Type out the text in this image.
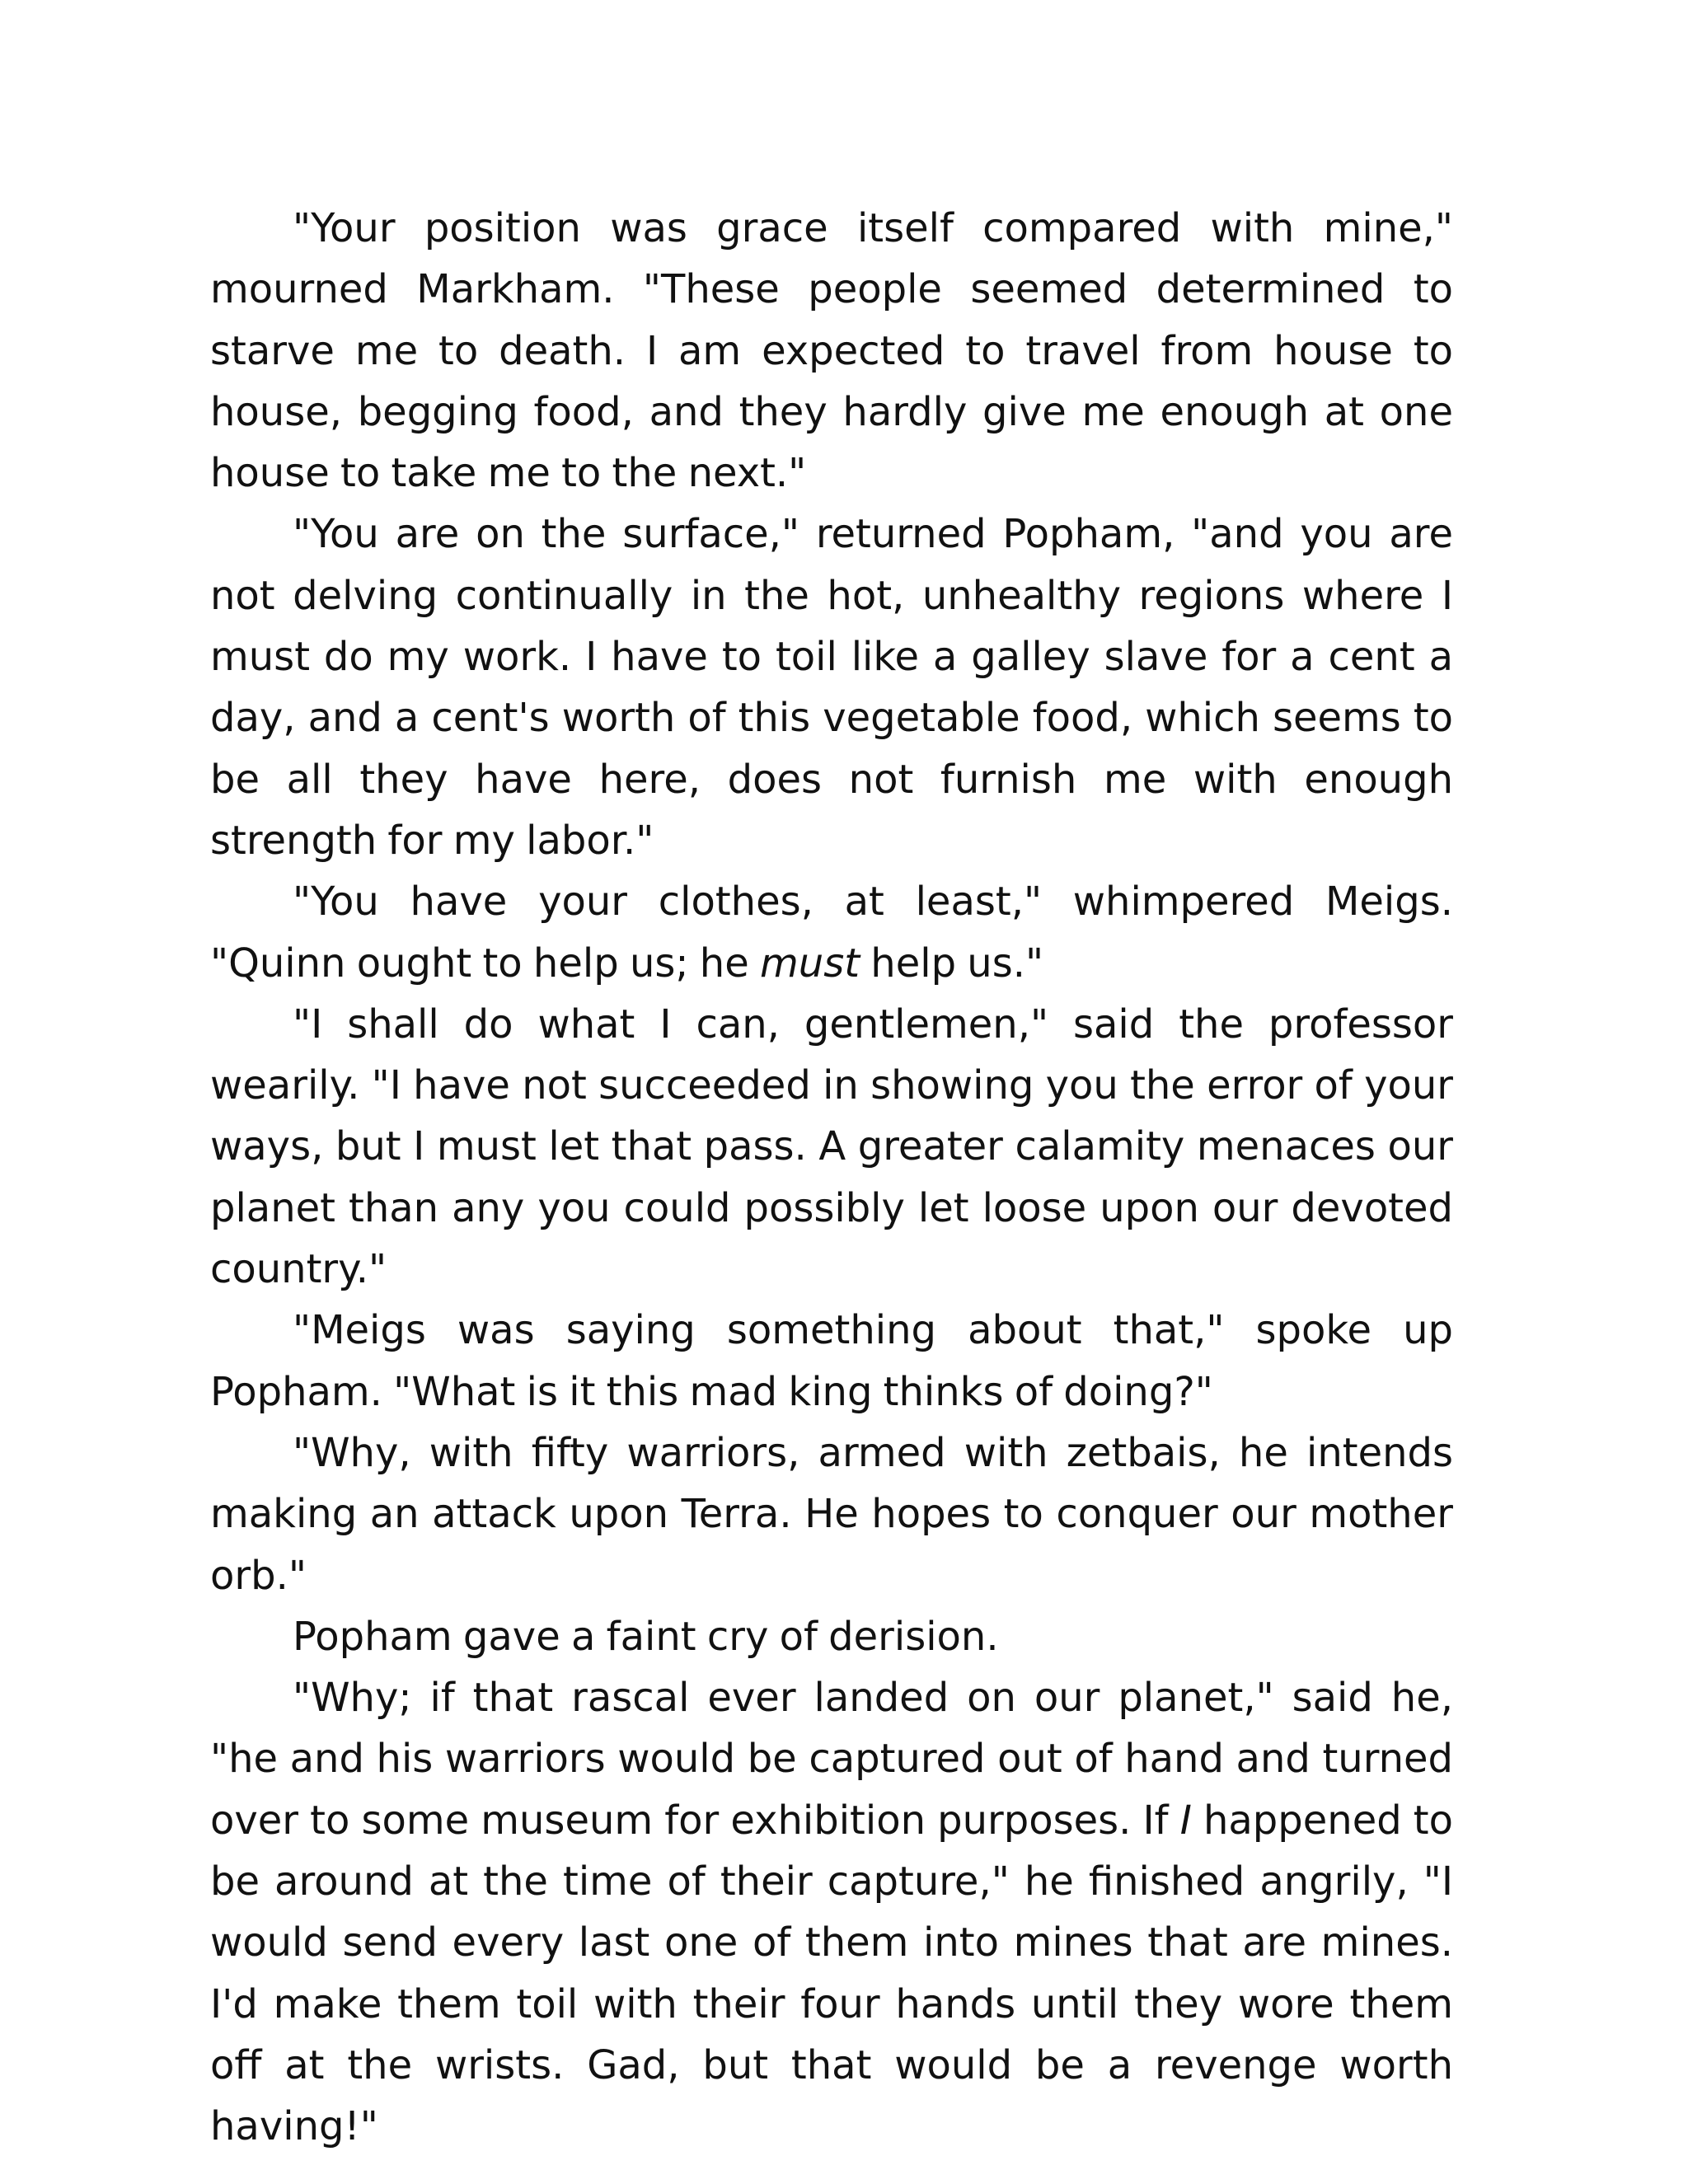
"Your position was grace itself compared with mine," mourned Markham. "These people seemed determined to starve me to death. I am expected to travel from house to house, begging food, and they hardly give me enough at one house to take me to the next."

"You are on the surface," returned Popham, "and you are not delving continually in the hot, unhealthy regions where I must do my work. I have to toil like a galley slave for a cent a day, and a cent's worth of this vegetable food, which seems to be all they have here, does not furnish me with enough strength for my labor."

"You have your clothes, at least," whimpered Meigs. "Quinn ought to help us; he must help us."

"I shall do what I can, gentlemen," said the professor wearily. "I have not succeeded in showing you the error of your ways, but I must let that pass. A greater calamity menaces our planet than any you could possibly let loose upon our devoted country."

"Meigs was saying something about that," spoke up Popham. "What is it this mad king thinks of doing?"

"Why, with fifty warriors, armed with zetbais, he intends making an attack upon Terra. He hopes to conquer our mother orb."

Popham gave a faint cry of derision.

"Why; if that rascal ever landed on our planet," said he, "he and his warriors would be captured out of hand and turned over to some museum for exhibition purposes. If I happened to be around at the time of their capture," he finished angrily, "I would send every last one of them into mines that are mines. I'd make them toil with their four hands until they wore them off at the wrists. Gad, but that would be a revenge worth having!"
